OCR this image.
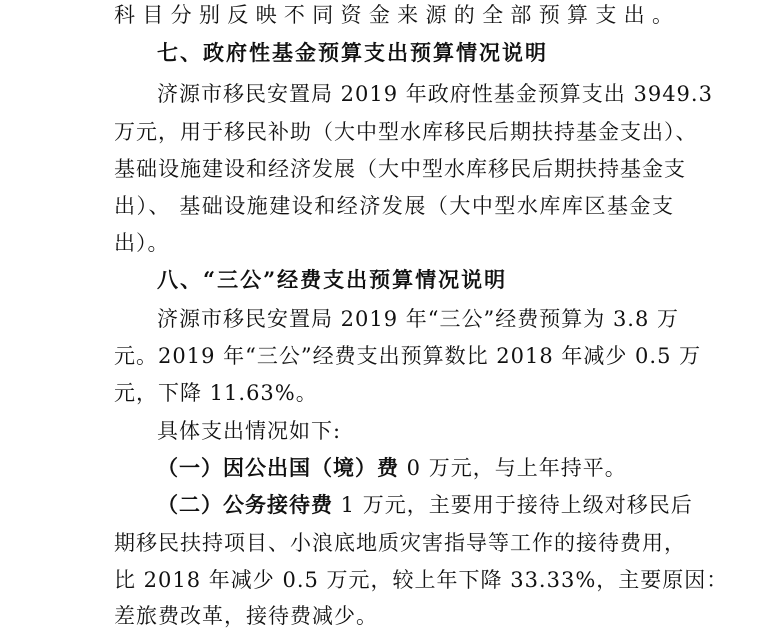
科目分别反映不同资金来源的全部预算支出。
七、政府性基金预算支出预算情况说明
济源市移民安置局 2019 年政府性基金预算支出 3949.3
万元，用于移民补助（大中型水库移民后期扶持基金支出）、
基础设施建设和经济发展（大中型水库移民后期扶持基金支
出）、 基础设施建设和经济发展（大中型水库库区基金支
出）。
八、“三公”经费支出预算情况说明
济源市移民安置局 2019 年“三公”经费预算为 3.8 万
元。2019 年“三公”经费支出预算数比 2018 年减少 0.5 万
元，下降 11.63%。
具体支出情况如下:
（一）因公出国（境）费 0 万元，与上年持平。
（二）公务接待费 1 万元，主要用于接待上级对移民后
期移民扶持项目、小浪底地质灾害指导等工作的接待费用，
比 2018 年减少 0.5 万元，较上年下降 33.33%，主要原因：
差旅费改革，接待费减少。
